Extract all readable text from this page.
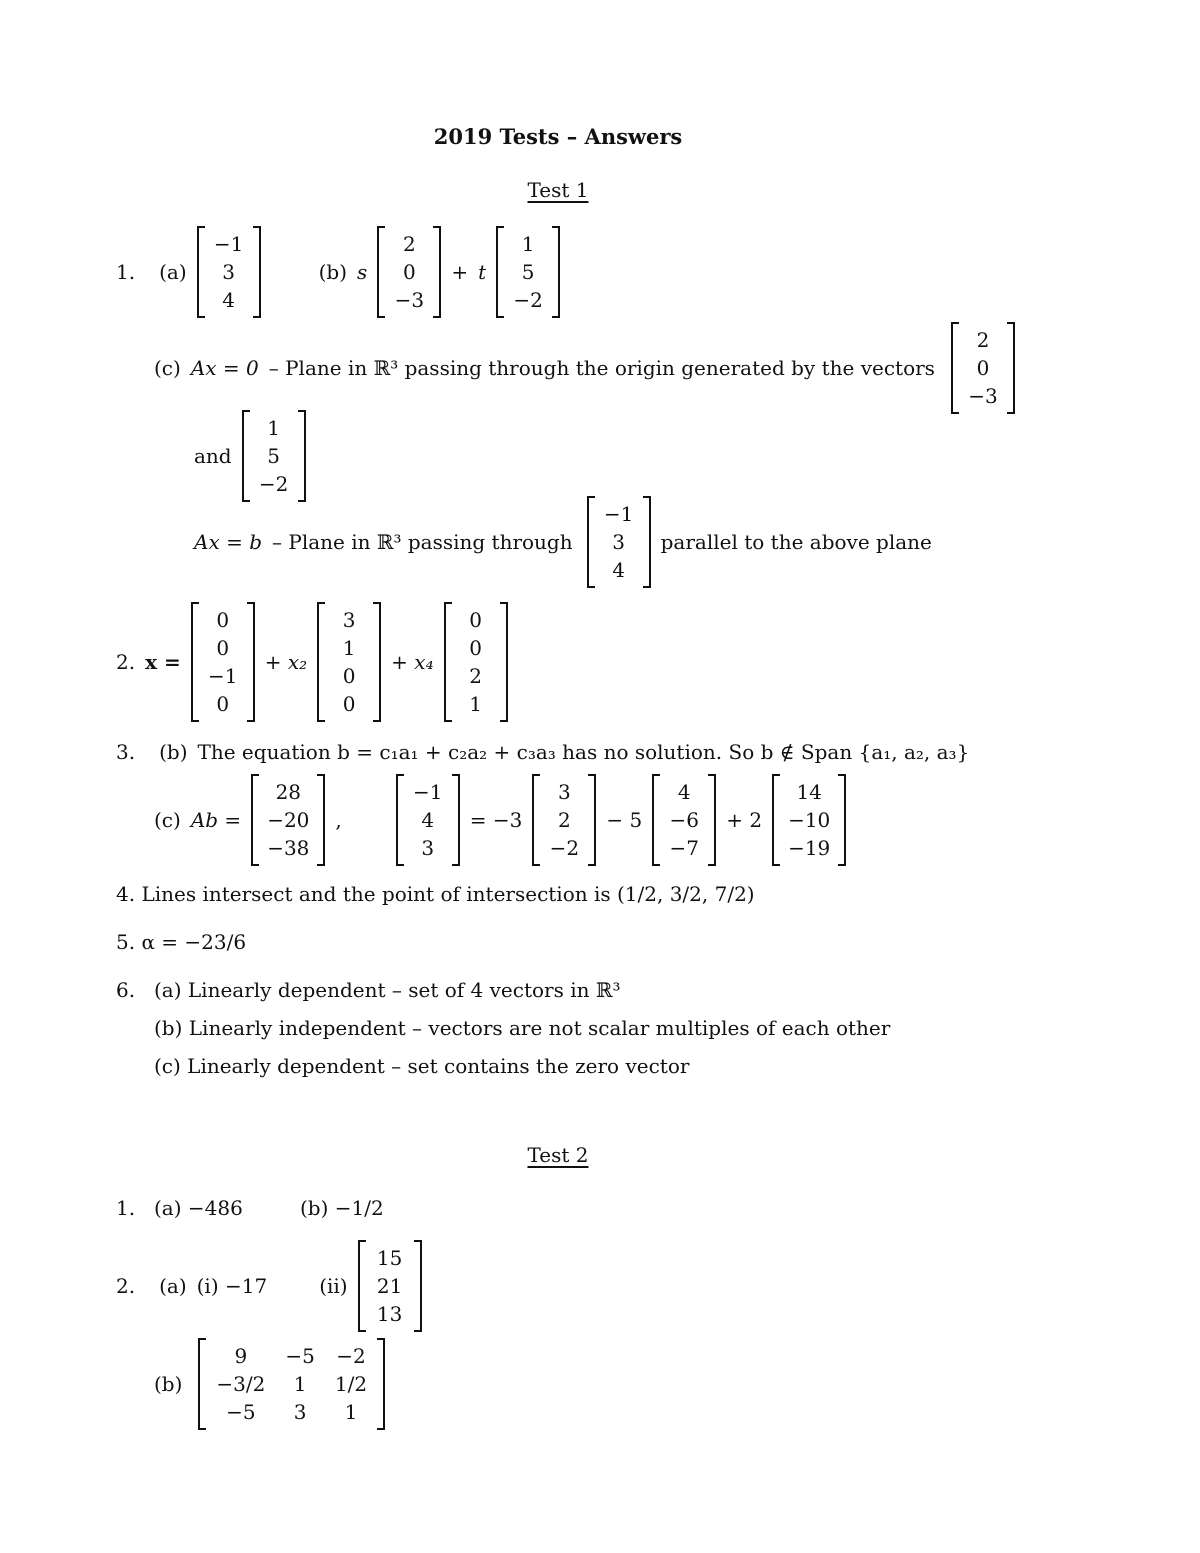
2019 Tests – Answers
Test 1
1. (a)
−1
3
4
(b) s
2
0
−3
+ t
1
5
−2
(c) Ax = 0 – Plane in ℝ³ passing through the origin generated by the vectors
2
0
−3
and
1
5
−2
Ax = b – Plane in ℝ³ passing through
−1
3
4
parallel to the above plane
2. x =
0
0
−1
0
+ x₂
3
1
0
0
+ x₄
0
0
2
1
3. (b) The equation b = c₁a₁ + c₂a₂ + c₃a₃ has no solution. So b ∉ Span {a₁, a₂, a₃}
(c) Ab =
28
−20
−38
,
−1
4
3
= −3
3
2
−2
− 5
4
−6
−7
+ 2
14
−10
−19
4. Lines intersect and the point of intersection is (1/2, 3/2, 7/2)
5. α = −23/6
6. (a) Linearly dependent – set of 4 vectors in ℝ³
(b) Linearly independent – vectors are not scalar multiples of each other
(c) Linearly dependent – set contains the zero vector
Test 2
1. (a) −486	(b) −1/2
2. (a) (i) −17	(ii)
15
21
13
(b)
9	−5 −2
−3/2	1	1/2
−5	3	1
